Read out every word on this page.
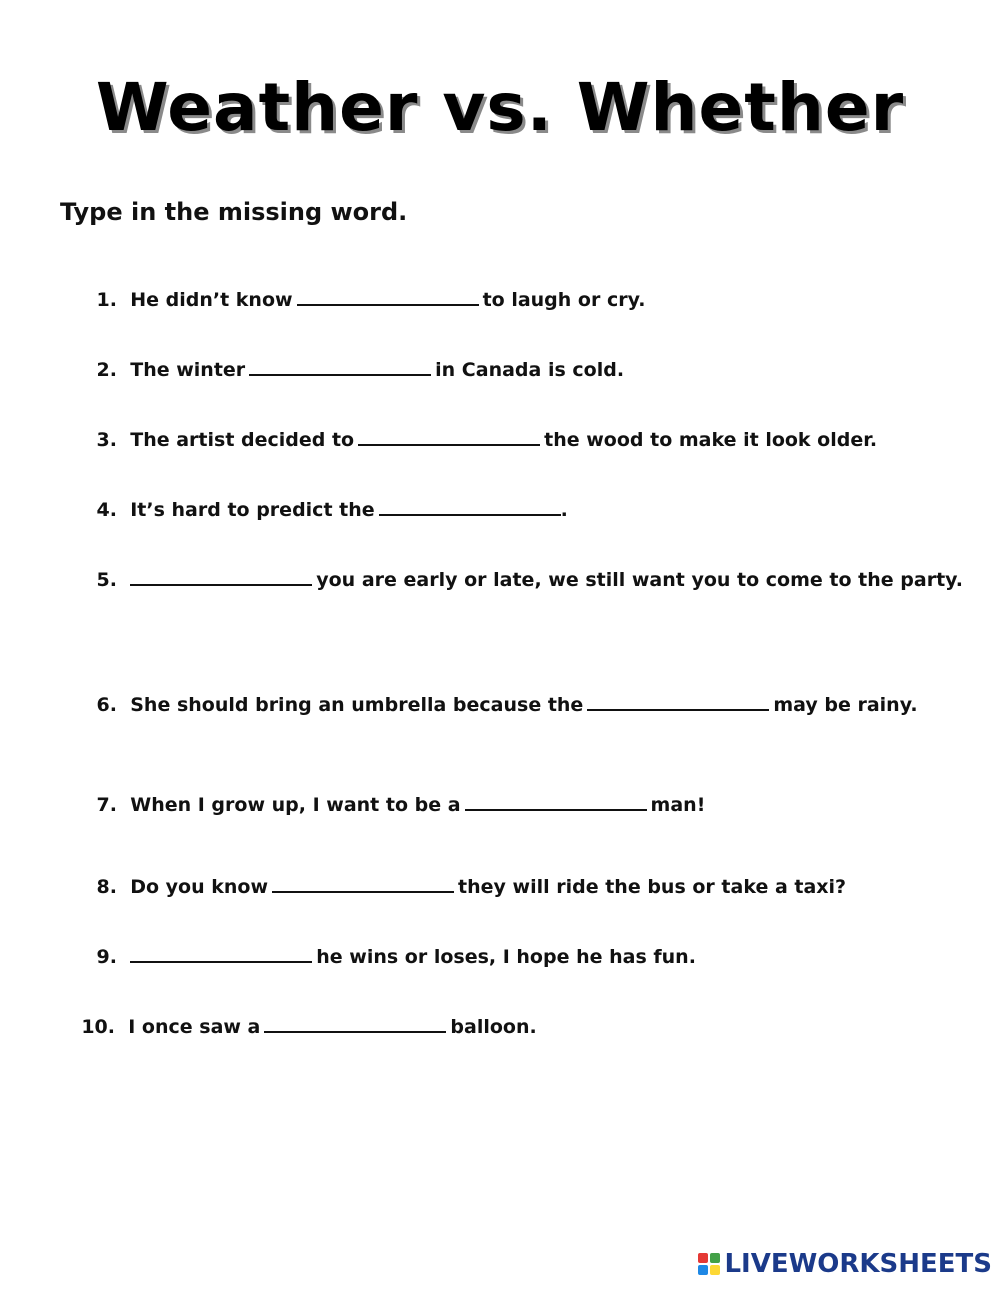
Weather vs. Whether
Type in the missing word.
1. He didn’t know	to laugh or cry.
2. The winter	in Canada is cold.
3. The artist decided to	the wood to make it look older.
4. It’s hard to predict the	.
5.	you are early or late, we still want you to come to the party.
6. She should bring an umbrella because the	may be rainy.
7. When I grow up, I want to be a	man!
8. Do you know	they will ride the bus or take a taxi?
9.	he wins or loses, I hope he has fun.
10. I once saw a	balloon.
LIVEWORKSHEETS
